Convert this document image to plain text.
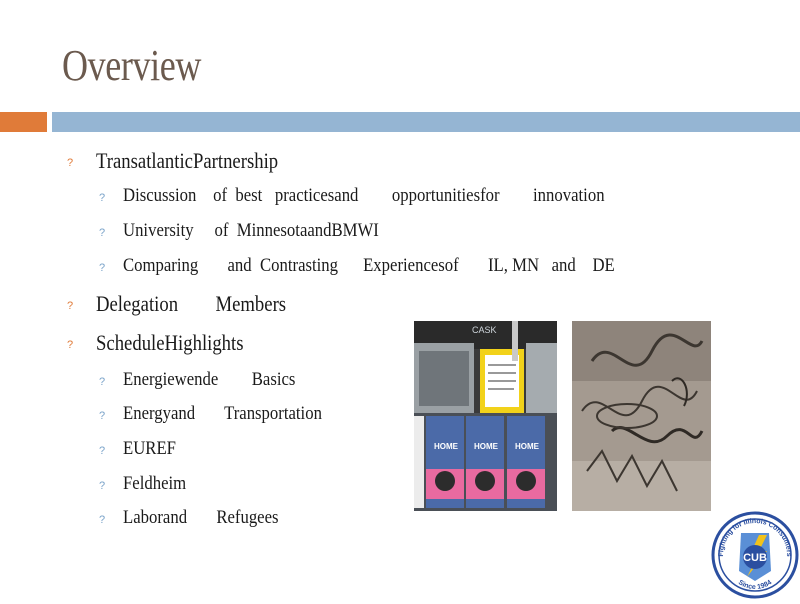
Overview
? TransatlanticPartnership
? Discussion    of  best   practicesand        opportunitiesfor        innovation
? University     of  MinnesotaandBMWI
? Comparing       and  Contrasting      Experiencesof       IL, MN   and    DE
? Delegation        Members
? ScheduleHighlights
? Energiewende        Basics
? Energyand       Transportation
? EUREF
? Feldheim
? Laborand       Refugees
CASK
HOME HOME HOME
Fighting for Illinois Consumers
Since 1984
CUB
